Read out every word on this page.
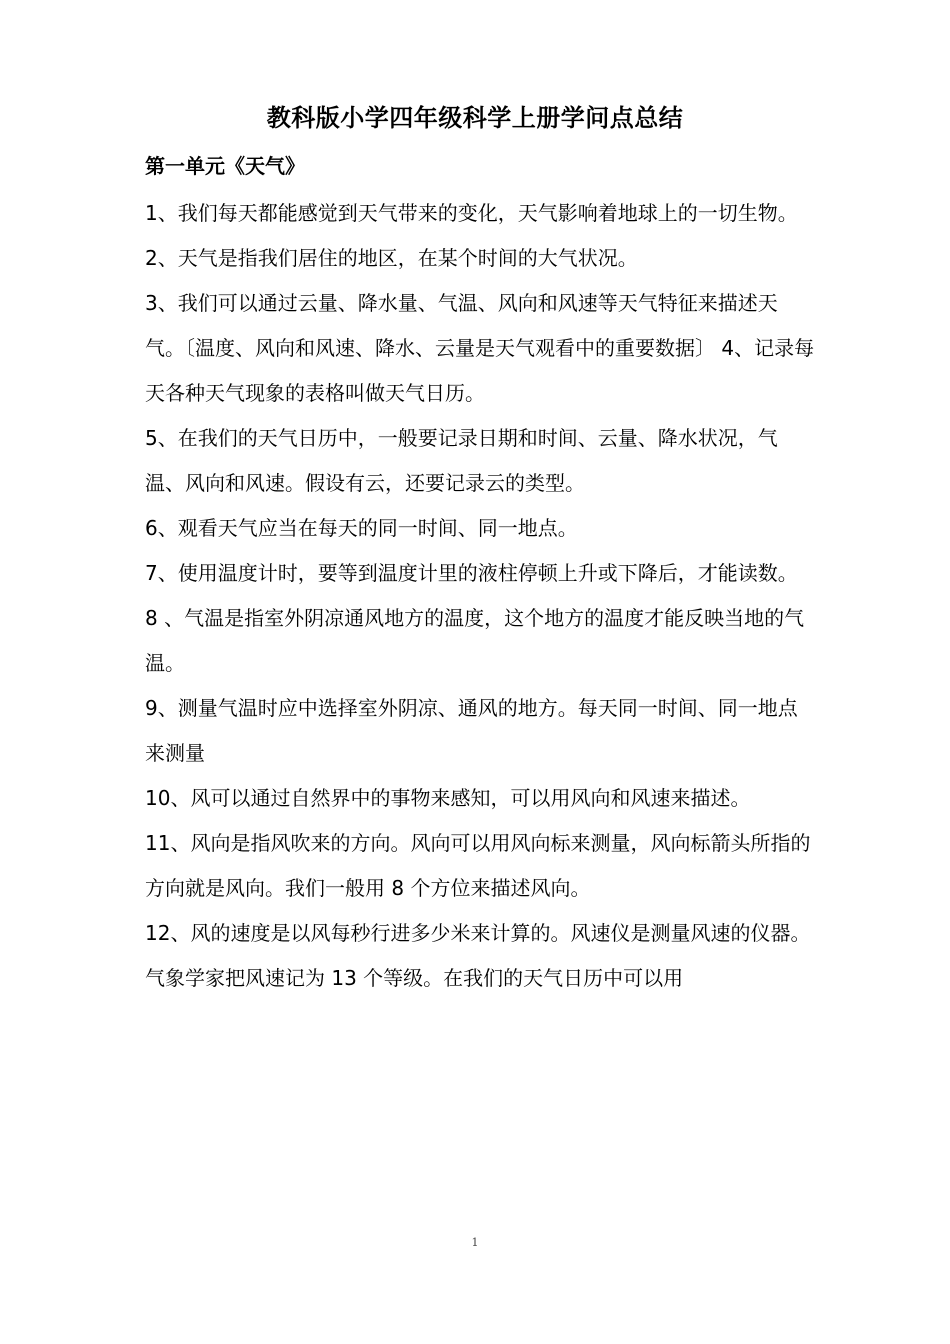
教科版小学四年级科学上册学问点总结
第一单元《天气》

1、我们每天都能感觉到天气带来的变化，天气影响着地球上的一切生物。

2、天气是指我们居住的地区，在某个时间的大气状况。

3、我们可以通过云量、降水量、气温、风向和风速等天气特征来描述天气。〔温度、风向和风速、降水、云量是天气观看中的重要数据〕 4、记录每天各种天气现象的表格叫做天气日历。

5、在我们的天气日历中，一般要记录日期和时间、云量、降水状况，气温、风向和风速。假设有云，还要记录云的类型。

6、观看天气应当在每天的同一时间、同一地点。

7、使用温度计时，要等到温度计里的液柱停顿上升或下降后，才能读数。

8 、气温是指室外阴凉通风地方的温度，这个地方的温度才能反映当地的气温。

9、测量气温时应中选择室外阴凉、通风的地方。每天同一时间、同一地点来测量

10、风可以通过自然界中的事物来感知，可以用风向和风速来描述。

11、风向是指风吹来的方向。风向可以用风向标来测量，风向标箭头所指的方向就是风向。我们一般用 8 个方位来描述风向。

12、风的速度是以风每秒行进多少米来计算的。风速仪是测量风速的仪器。气象学家把风速记为 13 个等级。在我们的天气日历中可以用

1
